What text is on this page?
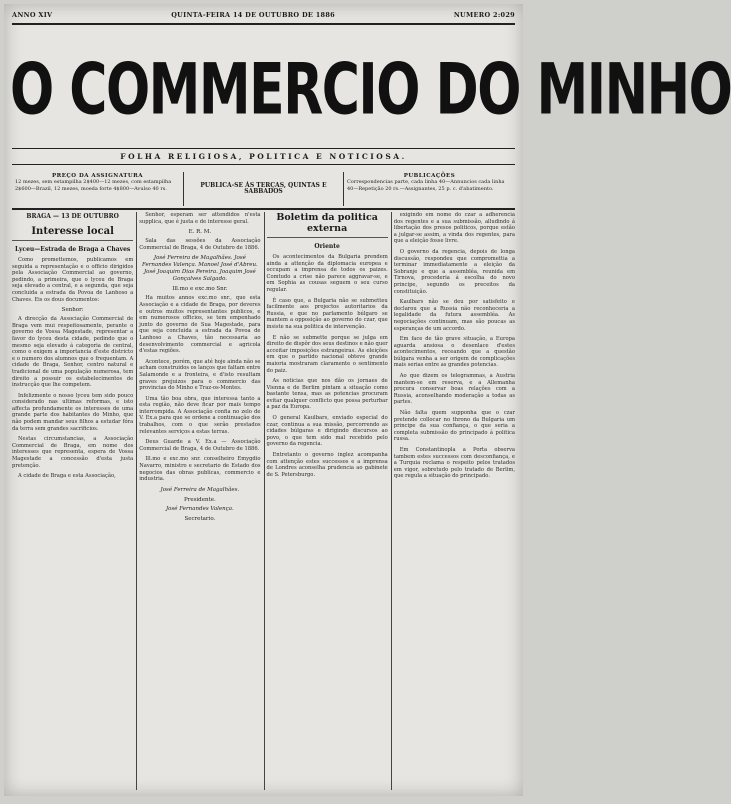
ANNO XIV	QUINTA-FEIRA 14 DE OUTUBRO DE 1886	NUMERO 2:029
O COMMERCIO DO MINHO
FOLHA RELIGIOSA, POLITICA E NOTICIOSA.
PREÇO DA ASSIGNATURA
12 mezes, sem estampilha 2$400—12 mezes, com estampilha 2$600—Brazil, 12 mezes, moeda forte 4$800—Avulso 40 rs.	PUBLICA-SE ÁS TERÇAS, QUINTAS E SABBADOS
PUBLICAÇÕES
Correspondencias parte, cada linha 40—Annuncios cada linha 40—Repetição 20 rs.—Assignantes, 25 p. c. d'abatimento.
BRAGA — 13 DE OUTUBRO
Interesse local
Lyceu—Estrada de Braga a Chaves

Como promettemos, publicamos em seguida a representação e o officio dirigidos pela Associação Commercial ao governo, pedindo, a primeira, que o lyceu de Braga seja elevado a central, e a segunda, que seja concluida a estrada da Povoa de Lanhoso a Chaves. Eis os dous documentos:

Senhor:

A direcção da Associação Commercial de Braga vem mui respeitosamente, perante o governo de Vossa Magestade, representar a favor do lyceu desta cidade, pedindo que o mesmo seja elevado á categoria de central, como o exigem a importancia d'este districto e o numero dos alumnos que o frequentam. A cidade de Braga, Senhor, centro natural e tradicional de uma população numerosa, tem direito a possuir os estabelecimentos de instrucção que lhe competem.

Infelizmente o nosso lyceu tem sido pouco considerado nas ultimas reformas, e isto affecta profundamente os interesses de uma grande parte dos habitantes do Minho, que não podem mandar seus filhos a estudar fóra da terra sem grandes sacrificios.

Nestas circumstancias, a Associação Commercial de Braga, em nome dos interesses que representa, espera de Vossa Magestade a concessão d'esta justa pretenção.

A cidade de Braga e esta Associação,

Senhor, esperam ser attendidos n'esta supplica, que é justa e de interesse geral.

E. R. M.

Sala das sessões da Associação Commercial de Braga, 4 de Outubro de 1886.

José Ferreira de Magalhães. José Fernandes Valença. Manoel José d'Abreu. José Joaquim Dias Pereira. Joaquim José Gonçalves Salgado.
Ill.mo e exc.mo Snr.

Ha muitos annos exc.mo snr., que esta Associação e a cidade de Braga, por deveres e outros muitos representantes publicos, e em numerosos officios, se tem empenhado junto do governo de Sua Magestade, para que seja concluida a estrada da Povoa de Lanhoso a Chaves, tão necessaria ao desenvolvimento commercial e agricola d'estas regiões.

Acontece, porém, que até hoje ainda não se acham construidos os lanços que faltam entre Salamonde e a fronteira, e d'isto resultam graves prejuizos para o commercio das provincias do Minho e Traz-os-Montes.

Uma tão boa obra, que interessa tanto a esta região, não deve ficar por mais tempo interrompida. A Associação confia no zelo de V. Ex.a para que se ordene a continuação dos trabalhos, com o que serão prestados relevantes serviços a estas terras.

Deus Guarde a V. Ex.a — Associação Commercial de Braga, 4 de Outubro de 1886.

Ill.mo e exc.mo snr. conselheiro Emygdio Navarro, ministro e secretario de Estado dos negocios das obras publicas, commercio e industria.

José Ferreira de Magalhães.
Presidente.
José Fernandes Valença.
Secretario.
Boletim da politica externa
Oriente

Os acontecimentos da Bulgaria prendem ainda a attenção da diplomacia europea e occupam a imprensa de todos os paizes. Comtudo a crise não parece aggravar-se, e em Sophia as cousas seguem o seu curso regular.

É caso que, a Bulgaria não se submetteu facilmente aos projectos autoritarios da Russia, e que no parlamento búlgaro se mantem a opposição ao governo do czar, que insiste na sua politica de intervenção.

E não se submette porque se julga em direito de dispôr dos seus destinos e não quer acceitar imposições estrangeiras. As eleições em que o partido nacional obteve grande maioria mostraram claramente o sentimento do paiz.

As noticias que nos dão os jornaes de Vienna e de Berlim pintam a situação como bastante tensa, mas as potencias procuram evitar qualquer conflicto que possa perturbar a paz da Europa.

O general Kaulbars, enviado especial do czar, continua a sua missão, percorrendo as cidades búlgaras e dirigindo discursos ao povo, o que tem sido mal recebido pelo governo da regencia.

Entretanto o governo inglez acompanha com attenção estes successos e a imprensa de Londres aconselha prudencia ao gabinete de S. Petersburgo.

exigindo em nome do czar a adherencia dos regentes e a sua submissão, alludindo á libertação dos presos politicos, porque estão a julgar-se assim, a vinda dos regentes, para que a eleição fosse livre.

O governo da regencia, depois de longa discussão, respondeu que compromettia a terminar immediatamente a eleição da Sobranje e que a assembléa, reunida em Tirnova, procederia á escolha do novo principe, segundo os preceitos da constituição.

Kaulbars não se deu por satisfeito e declarou que a Russia não reconheceria a legalidade da futura assembléa. As negociações continuam, mas são poucas as esperanças de um accordo.

Em face de tão grave situação, a Europa aguarda ansiosa o desenlace d'estes acontecimentos, receando que a questão búlgara venha a ser origem de complicações mais serias entre as grandes potencias.

Ao que dizem os telegrammas, a Austria mantem-se em reserva, e a Allemanha procura conservar boas relações com a Russia, aconselhando moderação a todas as partes.

Não falta quem supponha que o czar pretende collocar no throno da Bulgaria um principe da sua confiança, o que seria a completa submissão do principado á politica russa.

Em Constantinopla a Porta observa tambem estes successos com desconfiança, e a Turquia reclama o respeito pelos tratados em vigor, sobretudo pelo tratado de Berlim, que regula a situação do principado.
